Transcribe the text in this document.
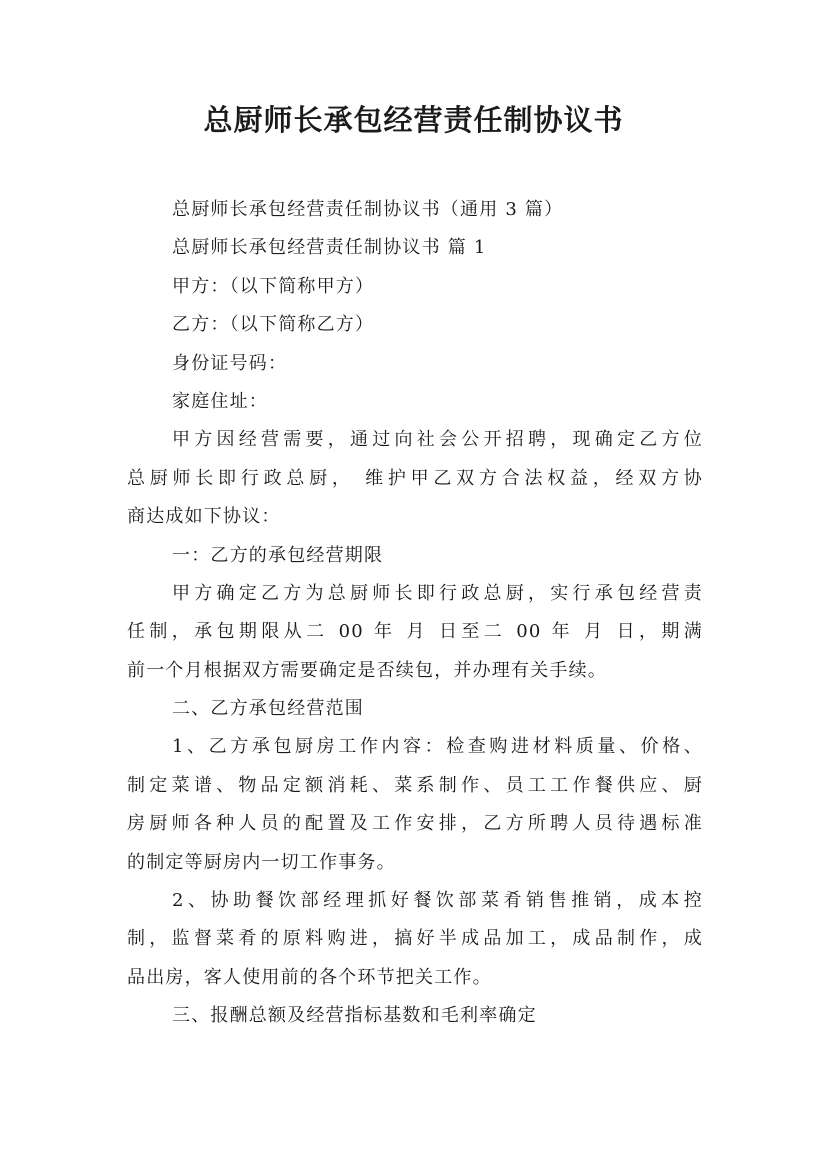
总厨师长承包经营责任制协议书
总厨师长承包经营责任制协议书（通用 3 篇）
总厨师长承包经营责任制协议书 篇 1
甲方：（以下简称甲方）
乙方：（以下简称乙方）
身份证号码：
家庭住址：
甲方因经营需要，通过向社会公开招聘，现确定乙方位
总厨师长即行政总厨， 维护甲乙双方合法权益，经双方协
商达成如下协议：
一：乙方的承包经营期限
甲方确定乙方为总厨师长即行政总厨，实行承包经营责
任制，承包期限从二 00 年 月 日至二 00 年 月 日，期满
前一个月根据双方需要确定是否续包，并办理有关手续。
二、乙方承包经营范围
1、乙方承包厨房工作内容：检查购进材料质量、价格、
制定菜谱、物品定额消耗、菜系制作、员工工作餐供应、厨
房厨师各种人员的配置及工作安排，乙方所聘人员待遇标准
的制定等厨房内一切工作事务。
2、协助餐饮部经理抓好餐饮部菜肴销售推销，成本控
制，监督菜肴的原料购进，搞好半成品加工，成品制作，成
品出房，客人使用前的各个环节把关工作。
三、报酬总额及经营指标基数和毛利率确定
